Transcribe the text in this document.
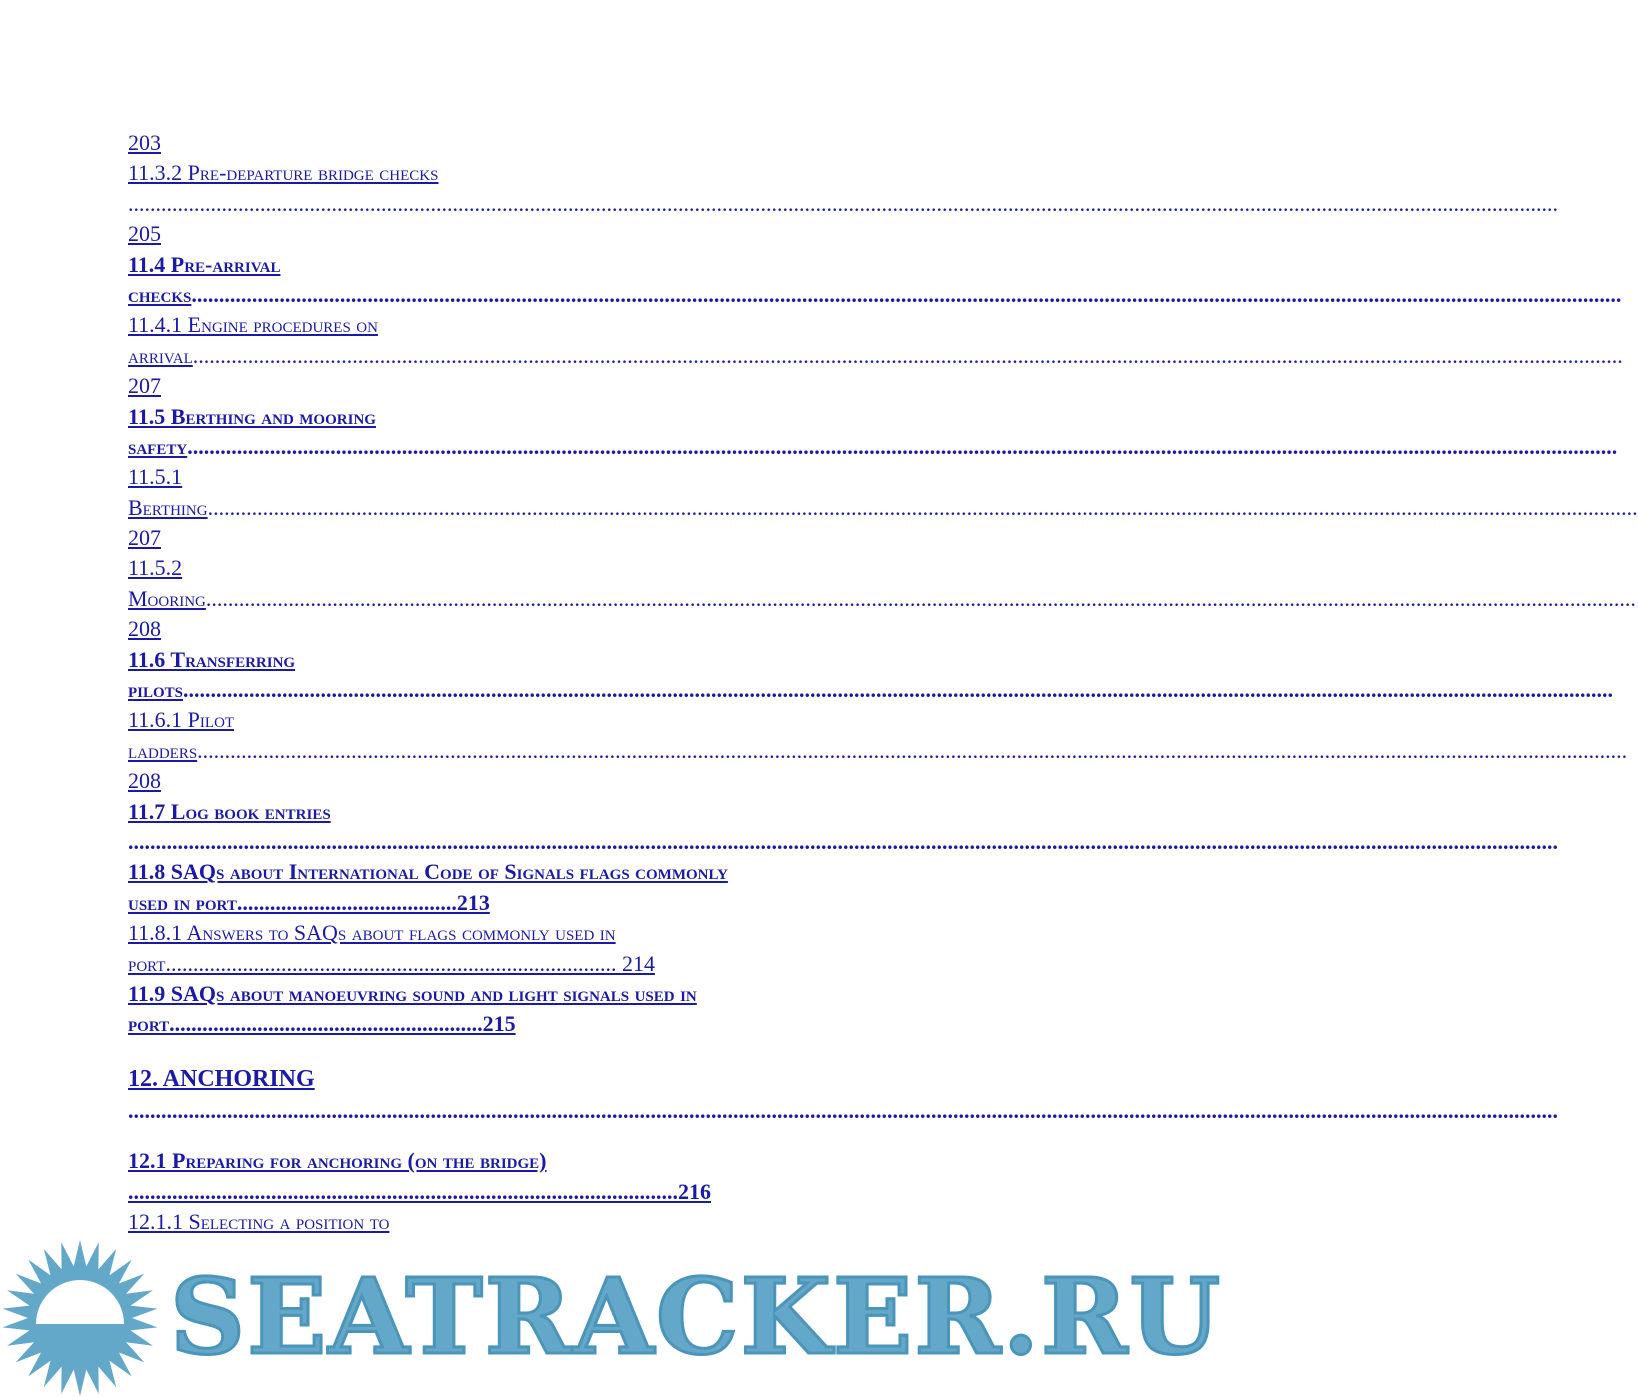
203
11.3.2 Pre-departure bridge checks
....................................................................................................................................................................................................................................................................
205
11.4 Pre-arrival
checks....................................................................................................................................................................................................................................................................
11.4.1 Engine procedures on
arrival....................................................................................................................................................................................................................................................................
207
11.5 Berthing and mooring
safety....................................................................................................................................................................................................................................................................
11.5.1
Berthing....................................................................................................................................................................................................................................................................
207
11.5.2
Mooring....................................................................................................................................................................................................................................................................
208
11.6 Transferring
pilots....................................................................................................................................................................................................................................................................
11.6.1 Pilot
ladders....................................................................................................................................................................................................................................................................
208
11.7 Log book entries
....................................................................................................................................................................................................................................................................
11.8 SAQs about International Code of Signals flags commonly
used in port........................................213
11.8.1 Answers to SAQs about flags commonly used in
port.................................................................................. 214
11.9 SAQs about manoeuvring sound and light signals used in
port.........................................................215
12. ANCHORING
....................................................................................................................................................................................................................................................................
12.1 Preparing for anchoring (on the bridge)
....................................................................................................216
12.1.1 Selecting a position to
SEATRACKER.RU
